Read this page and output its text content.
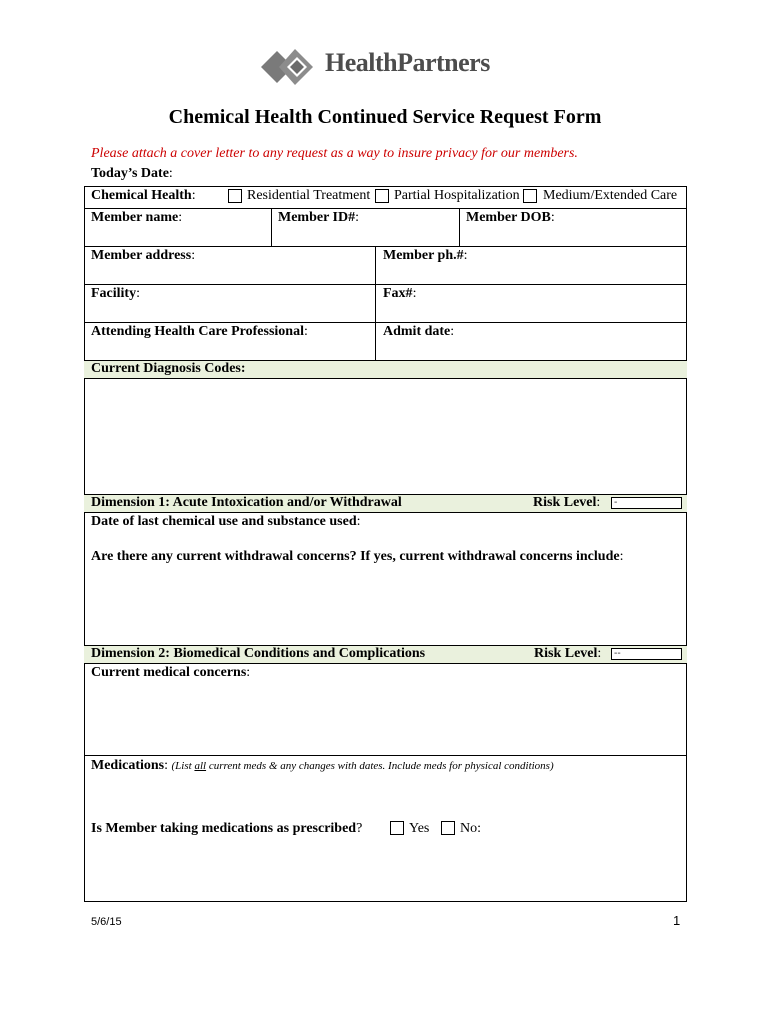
HealthPartners
Chemical Health Continued Service Request Form
Please attach a cover letter to any request as a way to insure privacy for our members.
Today’s Date:
Chemical Health:	Residential Treatment Partial Hospitalization Medium/Extended Care
Member name:	Member ID#:	Member DOB:
Member address:	Member ph.#:
Facility:	Fax#:
Attending Health Care Professional:	Admit date:
Current Diagnosis Codes:
Dimension 1: Acute Intoxication and/or Withdrawal	Risk Level:	-
Date of last chemical use and substance used:
Are there any current withdrawal concerns? If yes, current withdrawal concerns include:
Dimension 2: Biomedical Conditions and Complications	Risk Level:	--
Current medical concerns:
Medications: (List all current meds & any changes with dates. Include meds for physical conditions)
Is Member taking medications as prescribed?	Yes No:
5/6/15	1
